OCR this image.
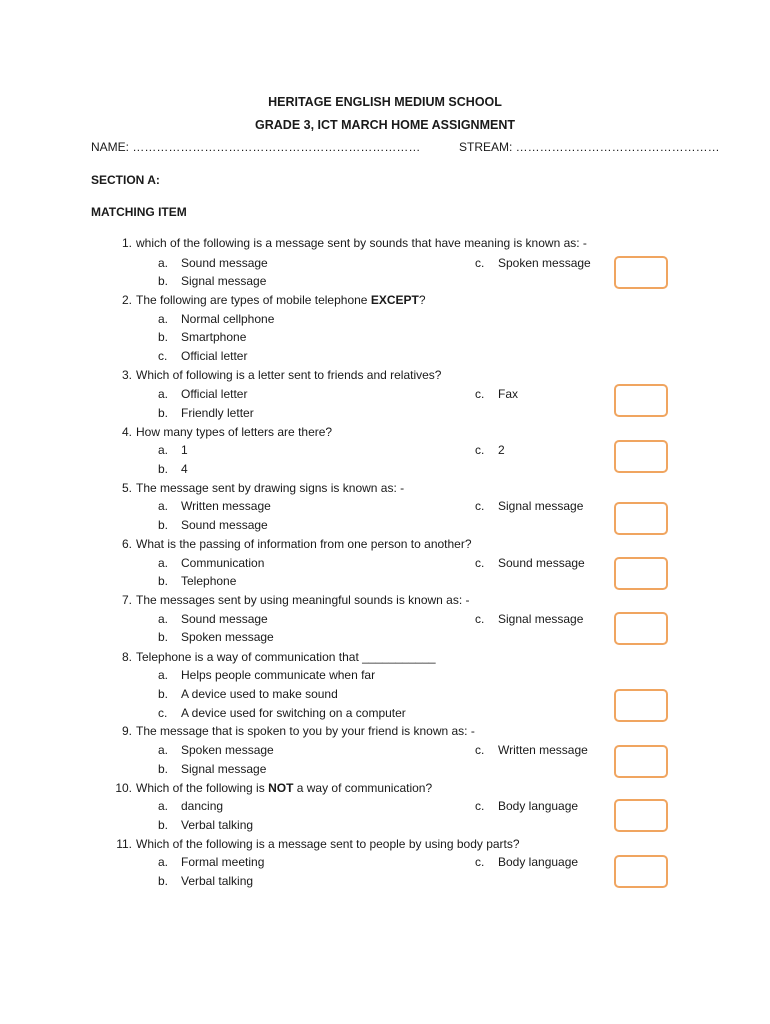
HERITAGE ENGLISH MEDIUM SCHOOL
GRADE 3, ICT MARCH HOME ASSIGNMENT
NAME: ………………………………………………………………	STREAM: ……………………………………………
SECTION A:
MATCHING ITEM
1. which of the following is a message sent by sounds that have meaning is known as: -
a. Sound message	c. Spoken message
b. Signal message
2. The following are types of mobile telephone EXCEPT?
a. Normal cellphone
b. Smartphone
c. Official letter
3. Which of following is a letter sent to friends and relatives?
a. Official letter	c. Fax
b. Friendly letter
4. How many types of letters are there?
a. 1	c. 2
b. 4
5. The message sent by drawing signs is known as: -
a. Written message	c. Signal message
b. Sound message
6. What is the passing of information from one person to another?
a. Communication	c. Sound message
b. Telephone
7. The messages sent by using meaningful sounds is known as: -
a. Sound message	c. Signal message
b. Spoken message
8. Telephone is a way of communication that ___________
a. Helps people communicate when far
b. A device used to make sound
c. A device used for switching on a computer
9. The message that is spoken to you by your friend is known as: -
a. Spoken message	c. Written message
b. Signal message
10. Which of the following is NOT a way of communication?
a. dancing	c. Body language
b. Verbal talking
11. Which of the following is a message sent to people by using body parts?
a. Formal meeting	c. Body language
b. Verbal talking
